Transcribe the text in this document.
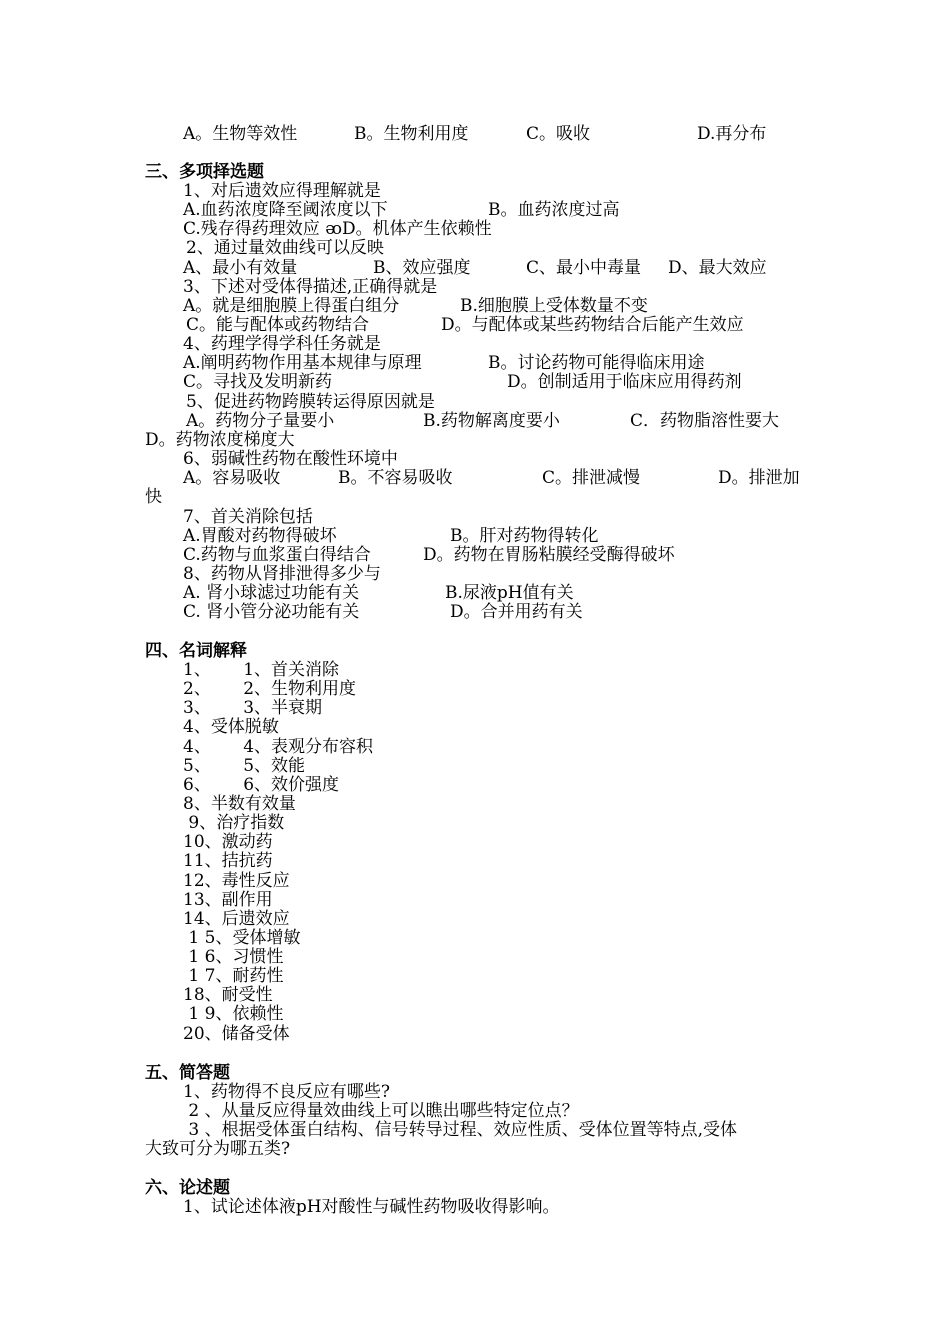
A。生物等效性	B。生物利用度	C。吸收	D.再分布
三、多项择选题
1、对后遗效应得理解就是
A.血药浓度降至阈浓度以下	B。血药浓度过高
C.残存得药理效应 ᴔD。机体产生依赖性
2、通过量效曲线可以反映
A、最小有效量	B、效应强度	C、最小中毒量 D、最大效应
3、下述对受体得描述,正确得就是
A。就是细胞膜上得蛋白组分	B.细胞膜上受体数量不变
C。能与配体或药物结合	D。与配体或某些药物结合后能产生效应
4、药理学得学科任务就是
A.阐明药物作用基本规律与原理	B。讨论药物可能得临床用途
C。寻找及发明新药	D。创制适用于临床应用得药剂
5、促进药物跨膜转运得原因就是
A。药物分子量要小	B.药物解离度要小	C．药物脂溶性要大
D。药物浓度梯度大
6、弱碱性药物在酸性环境中
A。容易吸收	B。不容易吸收	C。排泄减慢	D。排泄加
快
7、首关消除包括
A.胃酸对药物得破坏	B。肝对药物得转化
C.药物与血浆蛋白得结合	D。药物在胃肠粘膜经受酶得破坏
8、药物从肾排泄得多少与
A. 肾小球滤过功能有关	B.尿液pH值有关
C. 肾小管分泌功能有关	D。合并用药有关
四、名词解释
1、      1、首关消除
2、      2、生物利用度
3、      3、半衰期
4、受体脱敏
4、      4、表观分布容积
5、      5、效能
6、      6、效价强度
8、半数有效量
9、治疗指数
10、激动药
11、拮抗药
12、毒性反应
13、副作用
14、后遗效应
1 5、受体增敏
1 6、习惯性
1 7、耐药性
18、耐受性
1 9、依赖性
20、储备受体
五、简答题
1、药物得不良反应有哪些?
2 、从量反应得量效曲线上可以瞧出哪些特定位点？
3 、根据受体蛋白结构、信号转导过程、效应性质、受体位置等特点,受体
大致可分为哪五类?
六、论述题
1、试论述体液pH对酸性与碱性药物吸收得影响。
